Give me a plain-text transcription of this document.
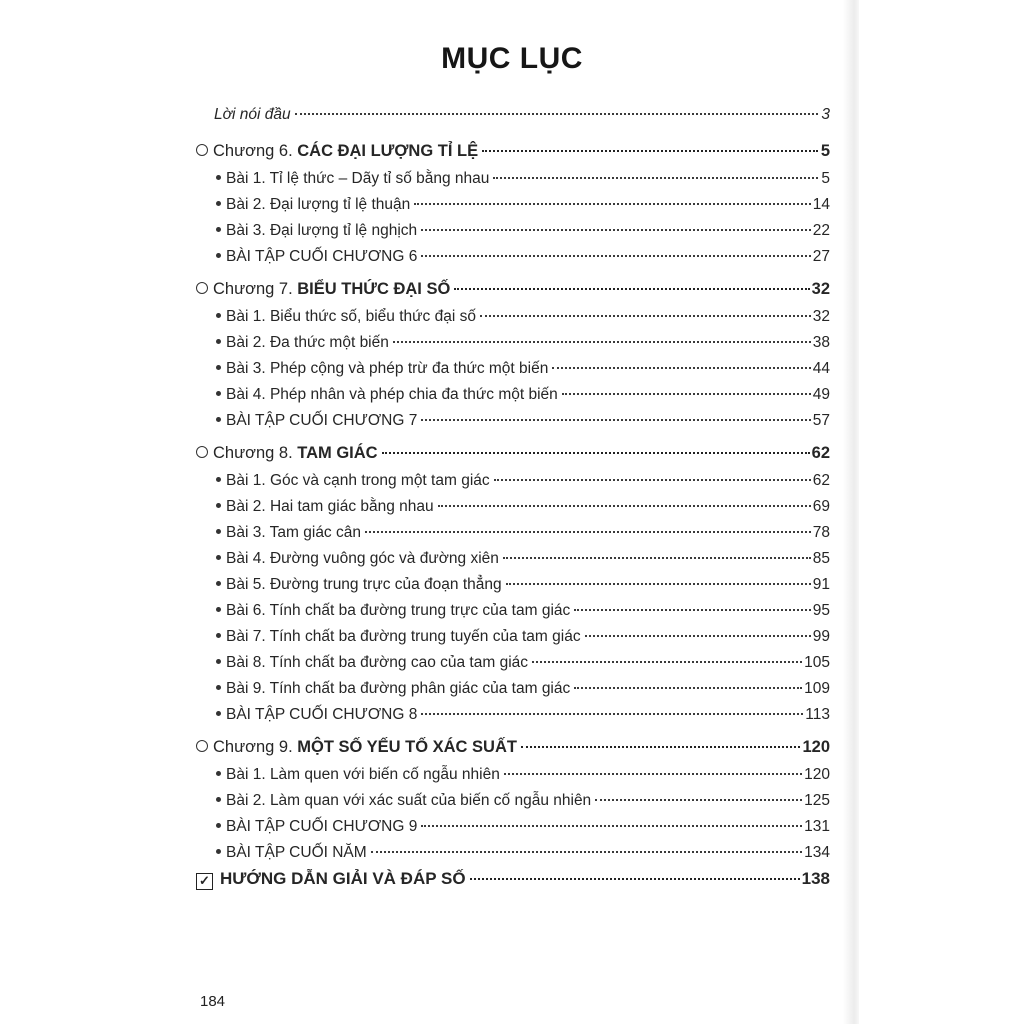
MỤC LỤC
Lời nói đầu	3
Chương 6. CÁC ĐẠI LƯỢNG TỈ LỆ	5
Bài 1. Tỉ lệ thức – Dãy tỉ số bằng nhau	5
Bài 2. Đại lượng tỉ lệ thuận	14
Bài 3. Đại lượng tỉ lệ nghịch	22
BÀI TẬP CUỐI CHƯƠNG 6	27
Chương 7. BIỂU THỨC ĐẠI SỐ	32
Bài 1. Biểu thức số, biểu thức đại số	32
Bài 2. Đa thức một biến	38
Bài 3. Phép cộng và phép trừ đa thức một biến	44
Bài 4. Phép nhân và phép chia đa thức một biến	49
BÀI TẬP CUỐI CHƯƠNG 7	57
Chương 8. TAM GIÁC	62
Bài 1. Góc và cạnh trong một tam giác	62
Bài 2. Hai tam giác bằng nhau	69
Bài 3. Tam giác cân	78
Bài 4. Đường vuông góc và đường xiên	85
Bài 5. Đường trung trực của đoạn thẳng	91
Bài 6. Tính chất ba đường trung trực của tam giác	95
Bài 7. Tính chất ba đường trung tuyến của tam giác	99
Bài 8. Tính chất ba đường cao của tam giác	105
Bài 9. Tính chất ba đường phân giác của tam giác	109
BÀI TẬP CUỐI CHƯƠNG 8	113
Chương 9. MỘT SỐ YẾU TỐ XÁC SUẤT	120
Bài 1. Làm quen với biến cố ngẫu nhiên	120
Bài 2. Làm quan với xác suất của biến cố ngẫu nhiên	125
BÀI TẬP CUỐI CHƯƠNG 9	131
BÀI TẬP CUỐI NĂM	134
✓ HƯỚNG DẪN GIẢI VÀ ĐÁP SỐ	138
184
